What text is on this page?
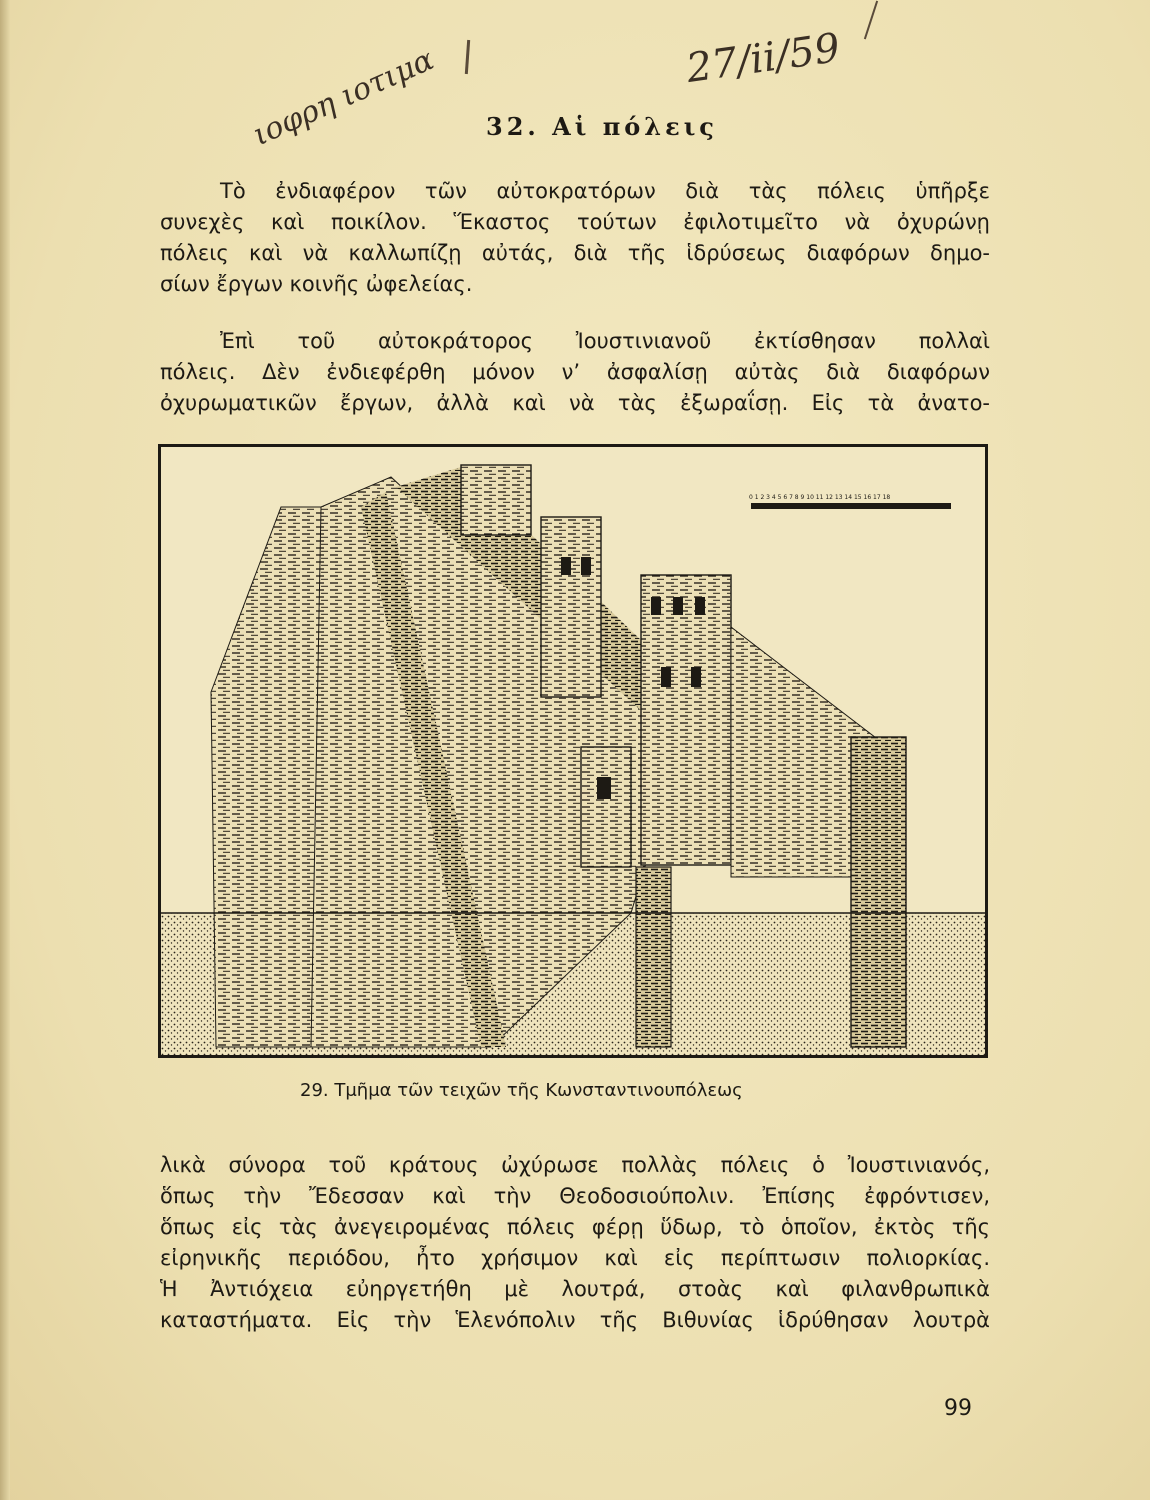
27/ii/59
ιοφρη ιοτιμα 32. Αἱ πόλεις

Τὸ ἐνδιαφέρον τῶν αὐτοκρατόρων διὰ τὰς πόλεις ὑπῆρξε
συνεχὲς καὶ ποικίλον. Ἕκαστος τούτων ἐφιλοτιμεῖτο νὰ ὀχυρώνῃ
πόλεις καὶ νὰ καλλωπίζῃ αὐτάς, διὰ τῆς ἱδρύσεως διαφόρων δημο-
σίων ἔργων κοινῆς ὠφελείας.

Ἐπὶ τοῦ αὐτοκράτορος Ἰουστινιανοῦ ἐκτίσθησαν πολλαὶ
πόλεις. Δὲν ἐνδιεφέρθη μόνον ν’ ἀσφαλίσῃ αὐτὰς διὰ διαφόρων
ὀχυρωματικῶν ἔργων, ἀλλὰ καὶ νὰ τὰς ἐξωραΐσῃ. Εἰς τὰ ἀνατο-

0 1 2 3 4 5 6 7 8 9 10 11 12 13 14 15 16 17 18
29. Τμῆμα τῶν τειχῶν τῆς Κωνσταντινουπόλεως

λικὰ σύνορα τοῦ κράτους ὠχύρωσε πολλὰς πόλεις ὁ Ἰουστινιανός,
ὅπως τὴν Ἔδεσσαν καὶ τὴν Θεοδοσιούπολιν. Ἐπίσης ἐφρόντισεν,
ὅπως εἰς τὰς ἀνεγειρομένας πόλεις φέρῃ ὕδωρ, τὸ ὁποῖον, ἐκτὸς τῆς
εἰρηνικῆς περιόδου, ἦτο χρήσιμον καὶ εἰς περίπτωσιν πολιορκίας.
Ἡ Ἀντιόχεια εὐηργετήθη μὲ λουτρά, στοὰς καὶ φιλανθρωπικὰ
καταστήματα. Εἰς τὴν Ἑλενόπολιν τῆς Βιθυνίας ἱδρύθησαν λουτρὰ

99
